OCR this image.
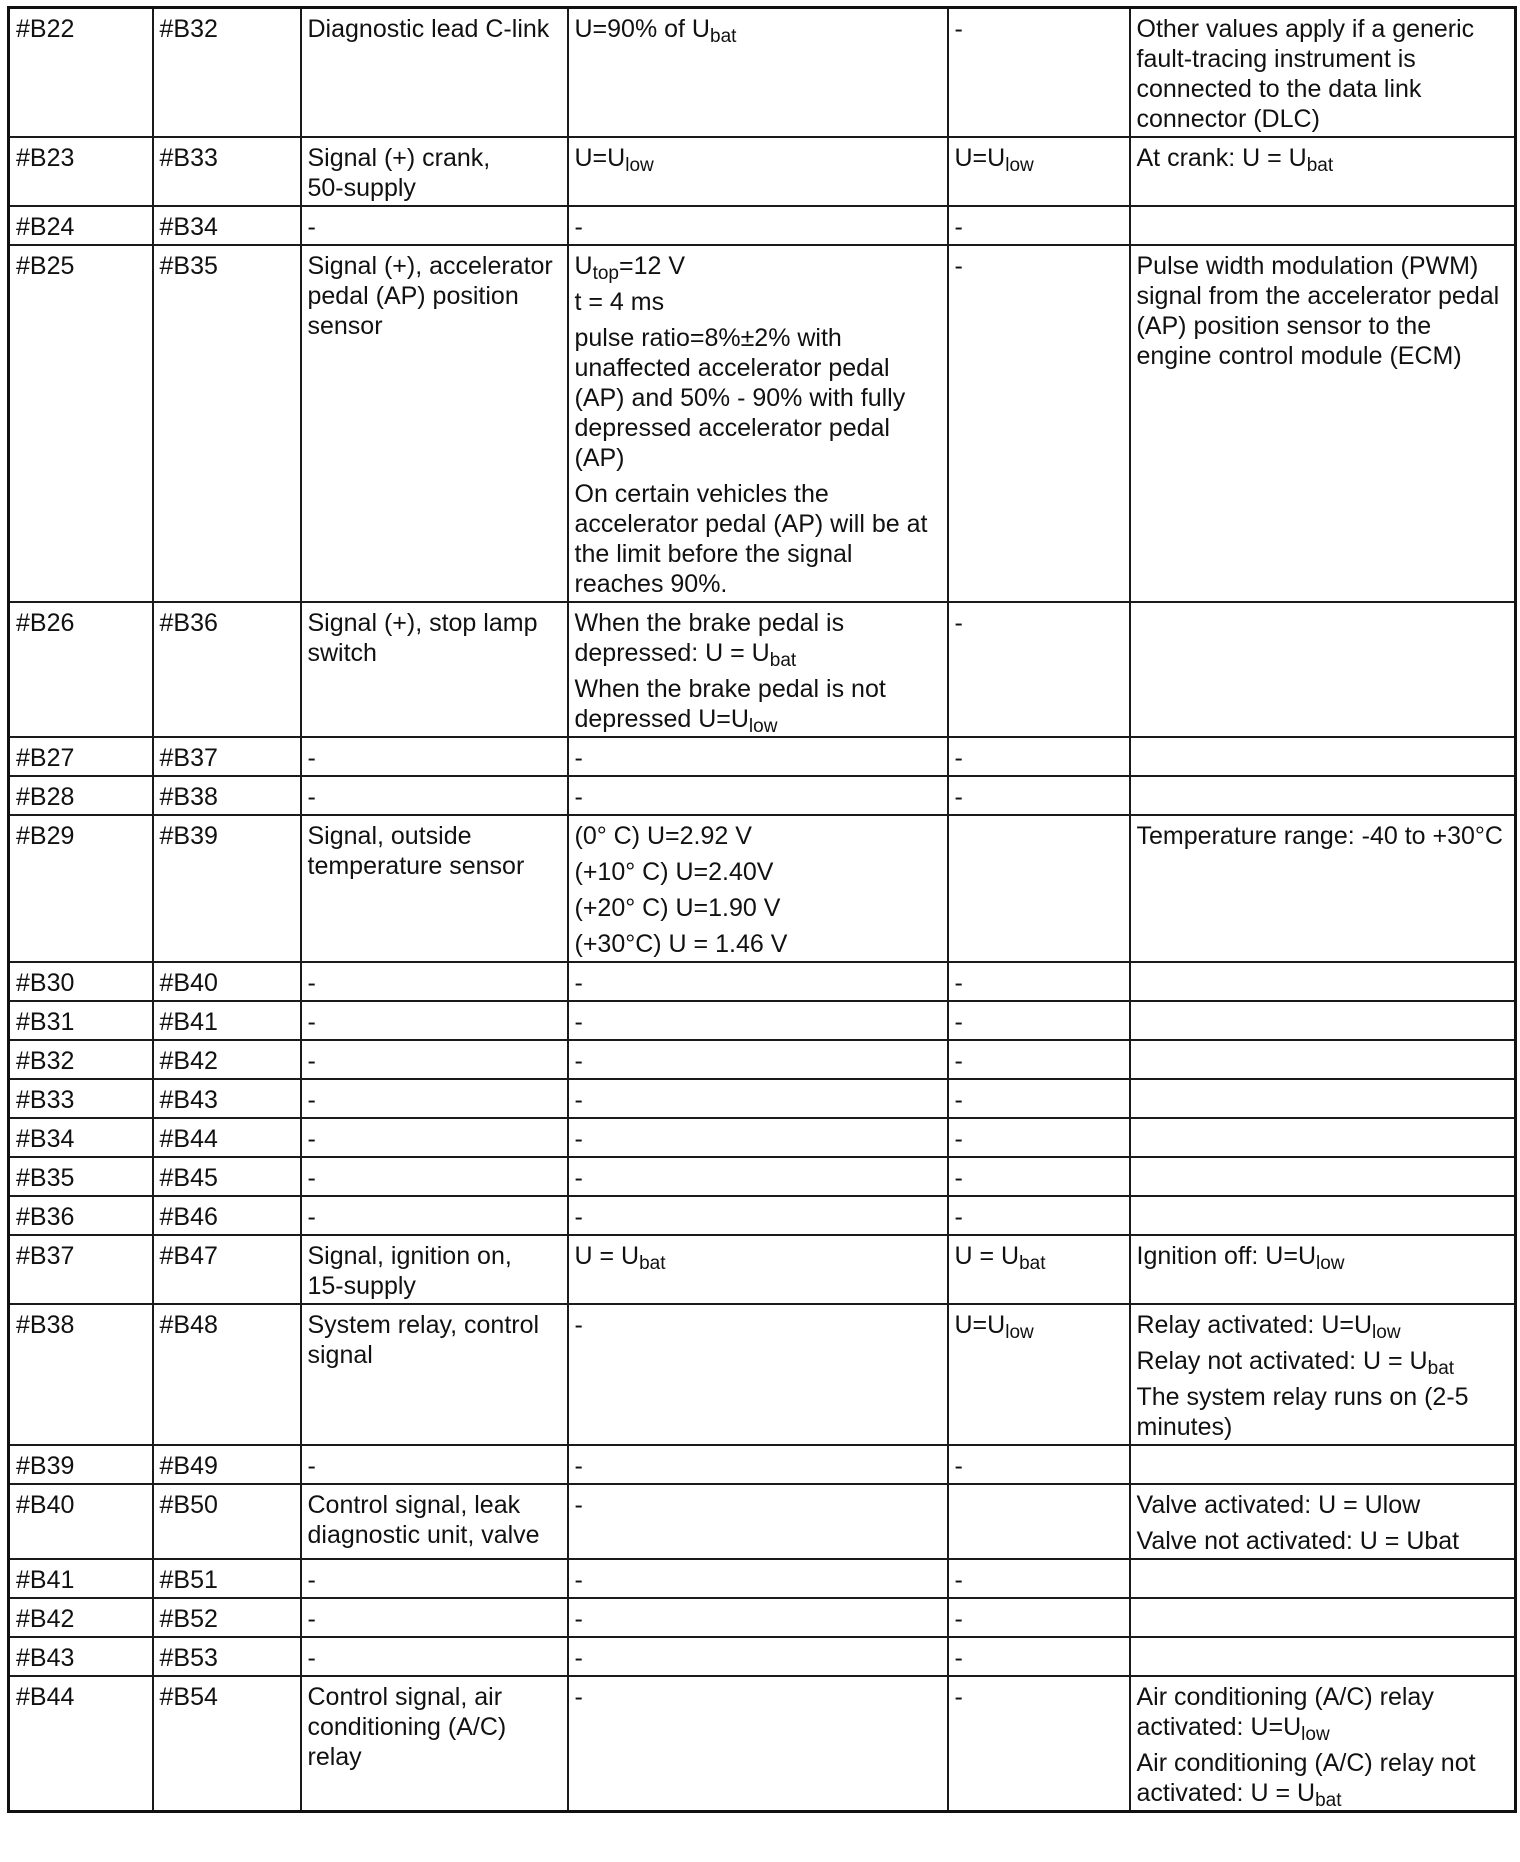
#B22	#B32	Diagnostic lead C-link	U=90% of $U_{bat}$	-	Other values apply if a generic fault-tracing instrument is connected to the data link connector (DLC)

#B23	#B33	Signal (+) crank,
50-supply	$U=U_{low}$	$U=U_{low}$	At crank: $U = U_{bat}$

#B24	#B34	-	-	-	

#B25	#B35	Signal (+), accelerator pedal (AP) position sensor	$U_{top}=12$ V
t = 4 ms
pulse ratio=8%±2% with unaffected accelerator pedal (AP) and 50% - 90% with fully depressed accelerator pedal (AP)
On certain vehicles the accelerator pedal (AP) will be at the limit before the signal reaches 90%.	-	Pulse width modulation (PWM) signal from the accelerator pedal (AP) position sensor to the engine control module (ECM)

#B26	#B36	Signal (+), stop lamp switch	When the brake pedal is depressed: $U = U_{bat}$
When the brake pedal is not depressed $U=U_{low}$	-	

#B27	#B37	-	-	-	

#B28	#B38	-	-	-	

#B29	#B39	Signal, outside temperature sensor	(0° C) U=2.92 V
(+10° C) U=2.40V
(+20° C) U=1.90 V
(+30°C) U = 1.46 V		Temperature range: -40 to +30°C

#B30	#B40	-	-	-	

#B31	#B41	-	-	-	

#B32	#B42	-	-	-	

#B33	#B43	-	-	-	

#B34	#B44	-	-	-	

#B35	#B45	-	-	-	

#B36	#B46	-	-	-	

#B37	#B47	Signal, ignition on,
15-supply	$U = U_{bat}$	$U = U_{bat}$	Ignition off: $U=U_{low}$

#B38	#B48	System relay, control signal	-	$U=U_{low}$	Relay activated: $U=U_{low}$
Relay not activated: $U = U_{bat}$
The system relay runs on (2-5 minutes)

#B39	#B49	-	-	-	

#B40	#B50	Control signal, leak diagnostic unit, valve	-		Valve activated: U = Ulow
Valve not activated: U = Ubat

#B41	#B51	-	-	-	

#B42	#B52	-	-	-	

#B43	#B53	-	-	-	

#B44	#B54	Control signal, air conditioning (A/C) relay	-	-	Air conditioning (A/C) relay activated: $U=U_{low}$
Air conditioning (A/C) relay not activated: $U = U_{bat}$
